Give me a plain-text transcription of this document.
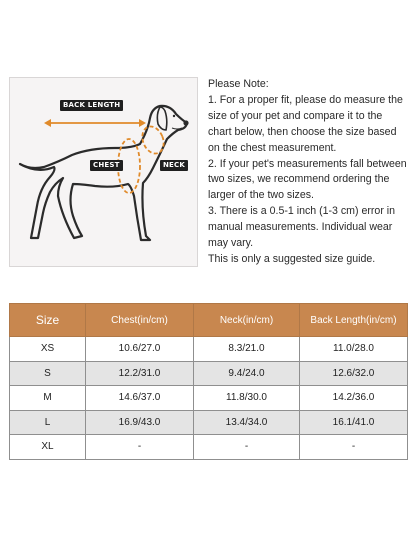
BACK LENGTH
CHEST	NECK

Please Note:

1. For a proper fit, please do measure the size of your pet and compare it to the chart below, then choose the size based on the chest measurement.

2. If your pet's measurements fall between two sizes, we recommend ordering the larger of the two sizes.

3. There is a 0.5-1 inch (1-3 cm) error in manual measurements. Individual wear may vary.

This is only a suggested size guide.

Size	Chest(in/cm)	Neck(in/cm)	Back Length(in/cm)
XS	10.6/27.0	8.3/21.0	11.0/28.0
S	12.2/31.0	9.4/24.0	12.6/32.0
M	14.6/37.0	11.8/30.0	14.2/36.0
L	16.9/43.0	13.4/34.0	16.1/41.0
XL	-	-	-
